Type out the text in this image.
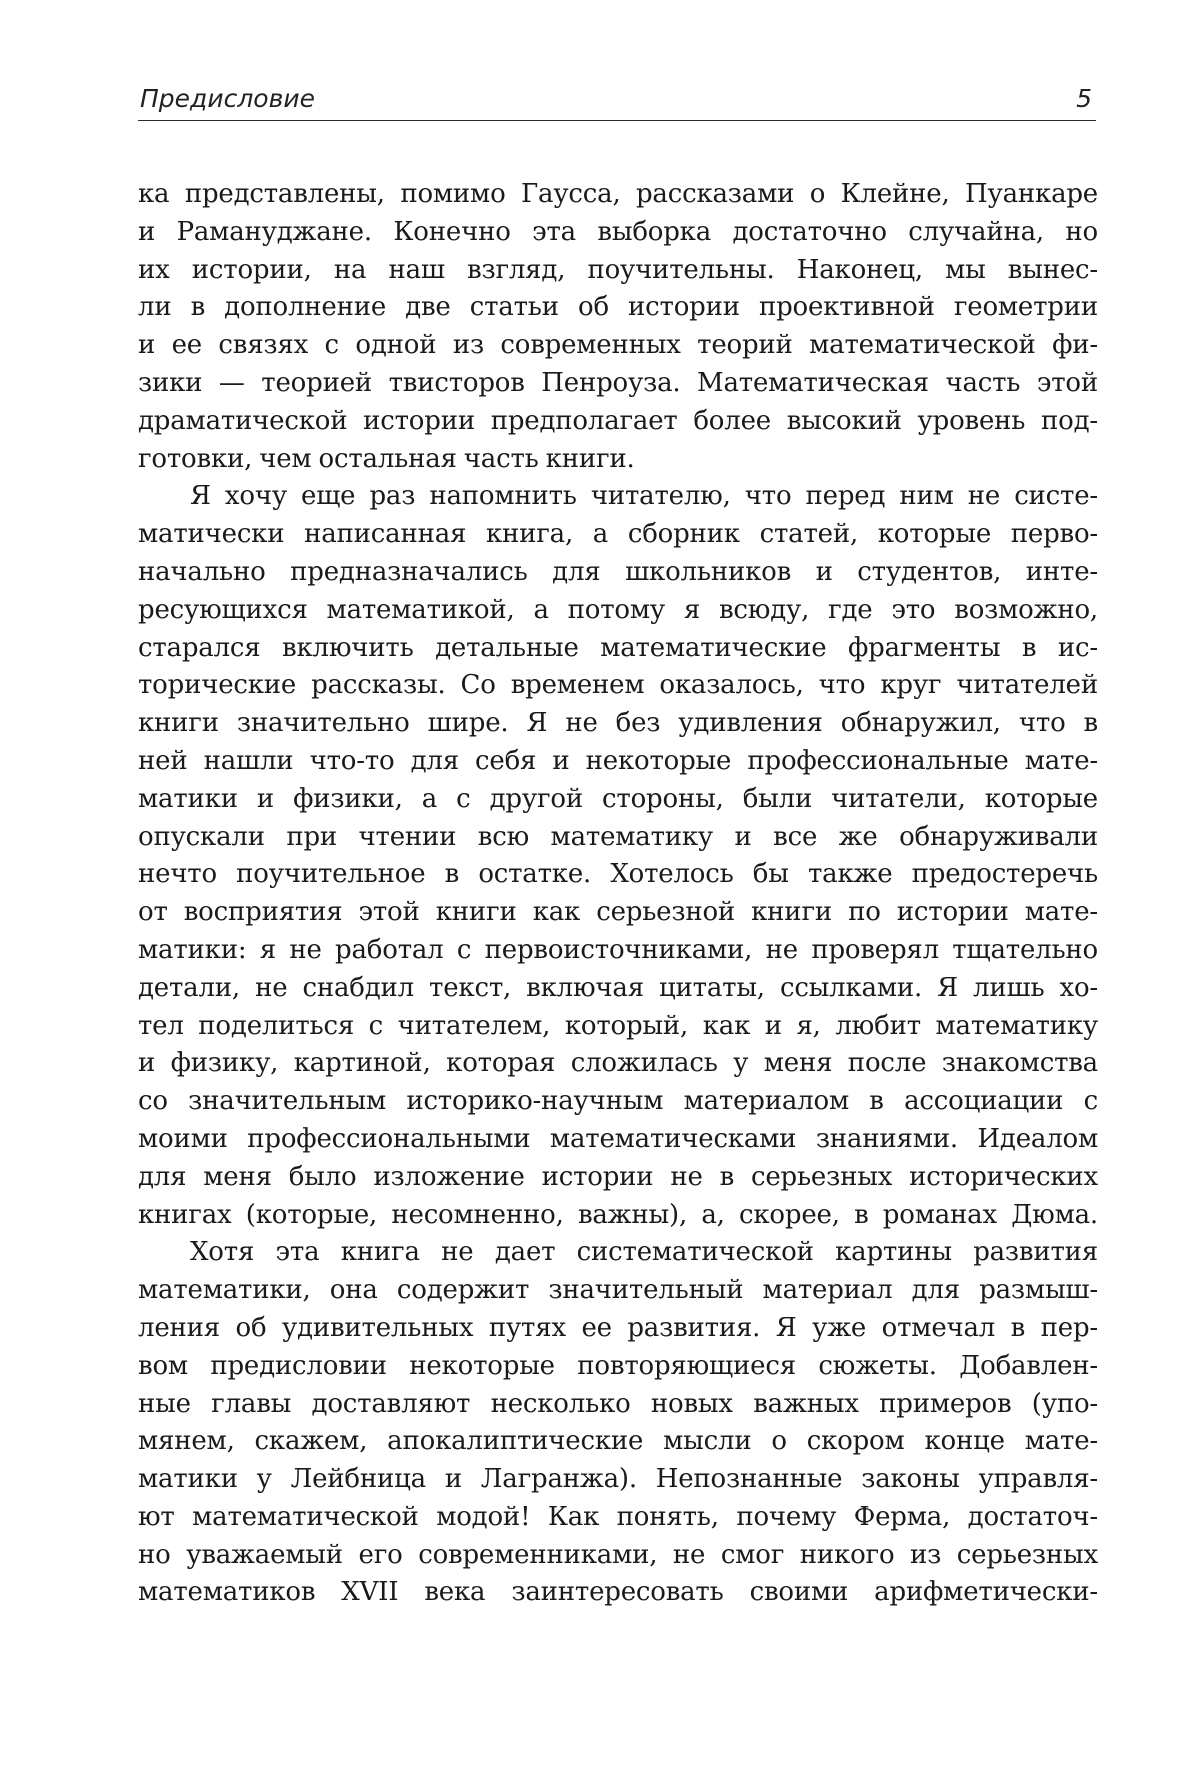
Предисловие	5
ка представлены, помимо Гаусса, рассказами о Клейне, Пуанкаре
и Рамануджане. Конечно эта выборка достаточно случайна, но
их истории, на наш взгляд, поучительны. Наконец, мы вынес-
ли в дополнение две статьи об истории проективной геометрии
и ее связях с одной из современных теорий математической фи-
зики — теорией твисторов Пенроуза. Математическая часть этой
драматической истории предполагает более высокий уровень под-
готовки, чем остальная часть книги.
Я хочу еще раз напомнить читателю, что перед ним не систе-
матически написанная книга, а сборник статей, которые перво-
начально предназначались для школьников и студентов, инте-
ресующихся математикой, а потому я всюду, где это возможно,
старался включить детальные математические фрагменты в ис-
торические рассказы. Со временем оказалось, что круг читателей
книги значительно шире. Я не без удивления обнаружил, что в
ней нашли что-то для себя и некоторые профессиональные мате-
матики и физики, а с другой стороны, были читатели, которые
опускали при чтении всю математику и все же обнаруживали
нечто поучительное в остатке. Хотелось бы также предостеречь
от восприятия этой книги как серьезной книги по истории мате-
матики: я не работал с первоисточниками, не проверял тщательно
детали, не снабдил текст, включая цитаты, ссылками. Я лишь хо-
тел поделиться с читателем, который, как и я, любит математику
и физику, картиной, которая сложилась у меня после знакомства
со значительным историко-научным материалом в ассоциации с
моими профессиональными математическами знаниями. Идеалом
для меня было изложение истории не в серьезных исторических
книгах (которые, несомненно, важны), а, скорее, в романах Дюма.
Хотя эта книга не дает систематической картины развития
математики, она содержит значительный материал для размыш-
ления об удивительных путях ее развития. Я уже отмечал в пер-
вом предисловии некоторые повторяющиеся сюжеты. Добавлен-
ные главы доставляют несколько новых важных примеров (упо-
мянем, скажем, апокалиптические мысли о скором конце мате-
матики у Лейбница и Лагранжа). Непознанные законы управля-
ют математической модой! Как понять, почему Ферма, достаточ-
но уважаемый его современниками, не смог никого из серьезных
математиков XVII века заинтересовать своими арифметически-
